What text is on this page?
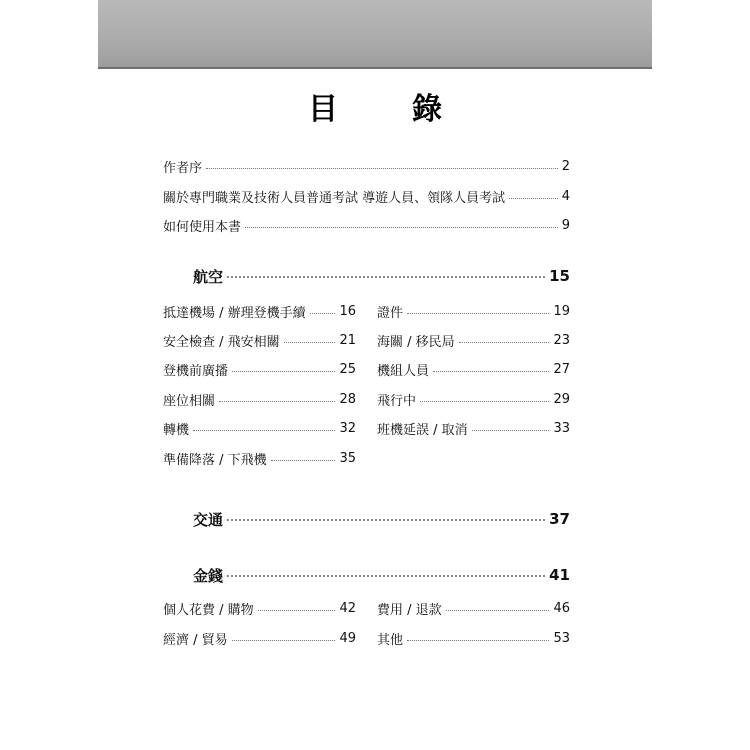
目　錄
作者序	2
關於專門職業及技術人員普通考試 導遊人員、領隊人員考試	4
如何使用本書	9
航空	15
抵達機場 / 辦理登機手續	16 證件	19
安全檢查 / 飛安相關	21 海關 / 移民局	23
登機前廣播	25 機組人員	27
座位相關	28 飛行中	29
轉機	32 班機延誤 / 取消	33
準備降落 / 下飛機	35
交通	37
金錢	41
個人花費 / 購物	42 費用 / 退款	46
經濟 / 貿易	49 其他	53
